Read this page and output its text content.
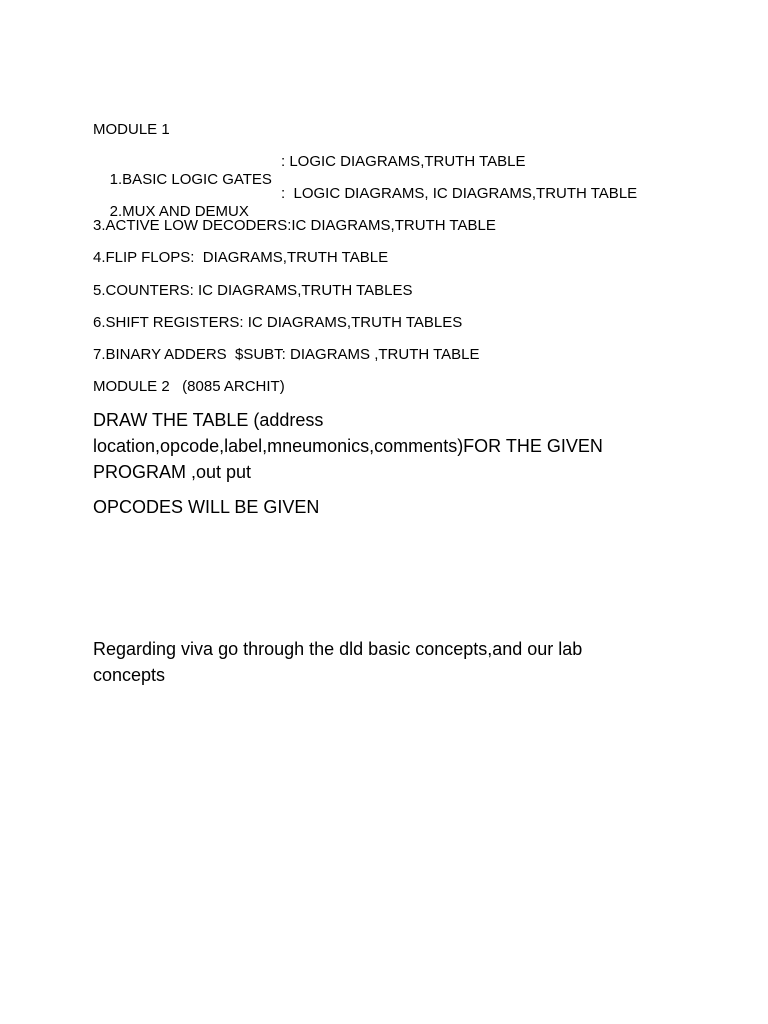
MODULE 1

1.BASIC LOGIC GATES

: LOGIC DIAGRAMS,TRUTH TABLE

2.MUX AND DEMUX

:  LOGIC DIAGRAMS, IC DIAGRAMS,TRUTH TABLE

3.ACTIVE LOW DECODERS:IC DIAGRAMS,TRUTH TABLE
4.FLIP FLOPS:  DIAGRAMS,TRUTH TABLE
5.COUNTERS: IC DIAGRAMS,TRUTH TABLES
6.SHIFT REGISTERS: IC DIAGRAMS,TRUTH TABLES
7.BINARY ADDERS  $SUBT: DIAGRAMS ,TRUTH TABLE
MODULE 2   (8085 ARCHIT)
DRAW THE TABLE (address location,opcode,label,mneumonics,comments)FOR THE GIVEN PROGRAM ,out put
OPCODES WILL BE GIVEN
Regarding viva go through the dld basic concepts,and our lab concepts
